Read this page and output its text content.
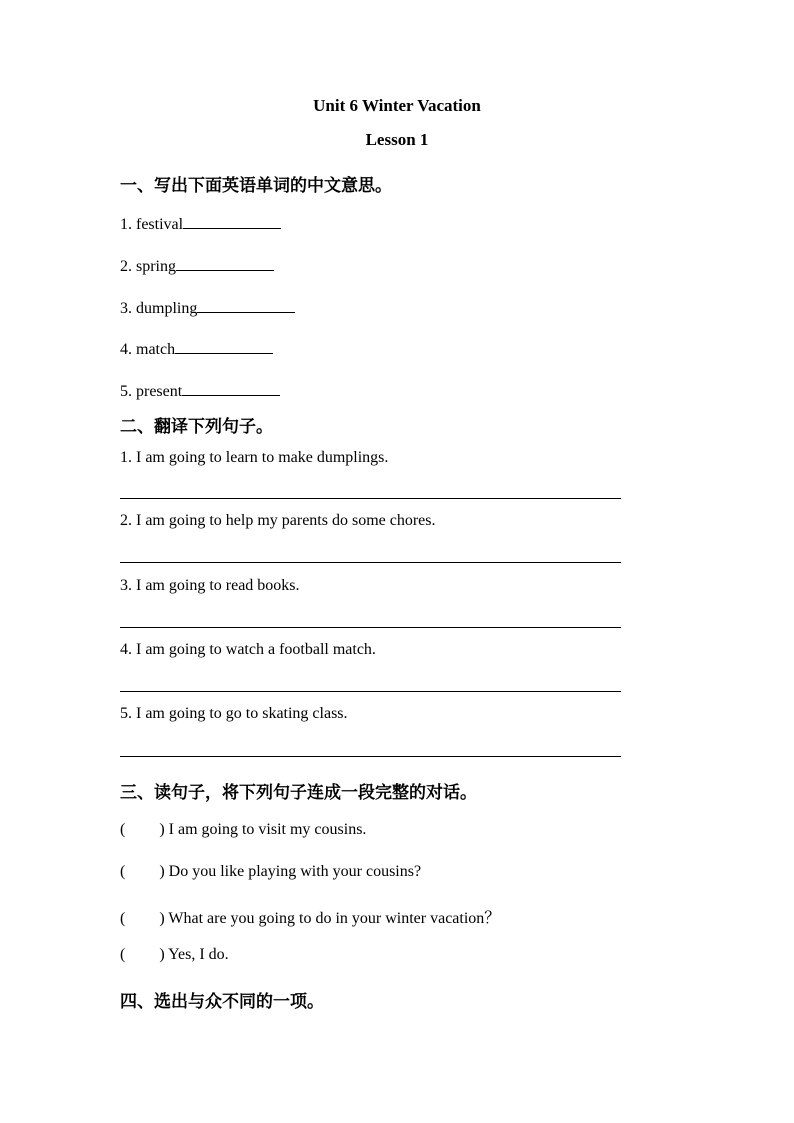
Unit 6 Winter Vacation
Lesson 1
一、写出下面英语单词的中文意思。
1. festival
2. spring
3. dumpling
4. match
5. present
二、翻译下列句子。
1. I am going to learn to make dumplings.
2. I am going to help my parents do some chores.
3. I am going to read books.
4. I am going to watch a football match.
5. I am going to go to skating class.
三、读句子，将下列句子连成一段完整的对话。
( ) I am going to visit my cousins.
( ) Do you like playing with your cousins?
( ) What are you going to do in your winter vacation？
( ) Yes, I do.
四、选出与众不同的一项。
